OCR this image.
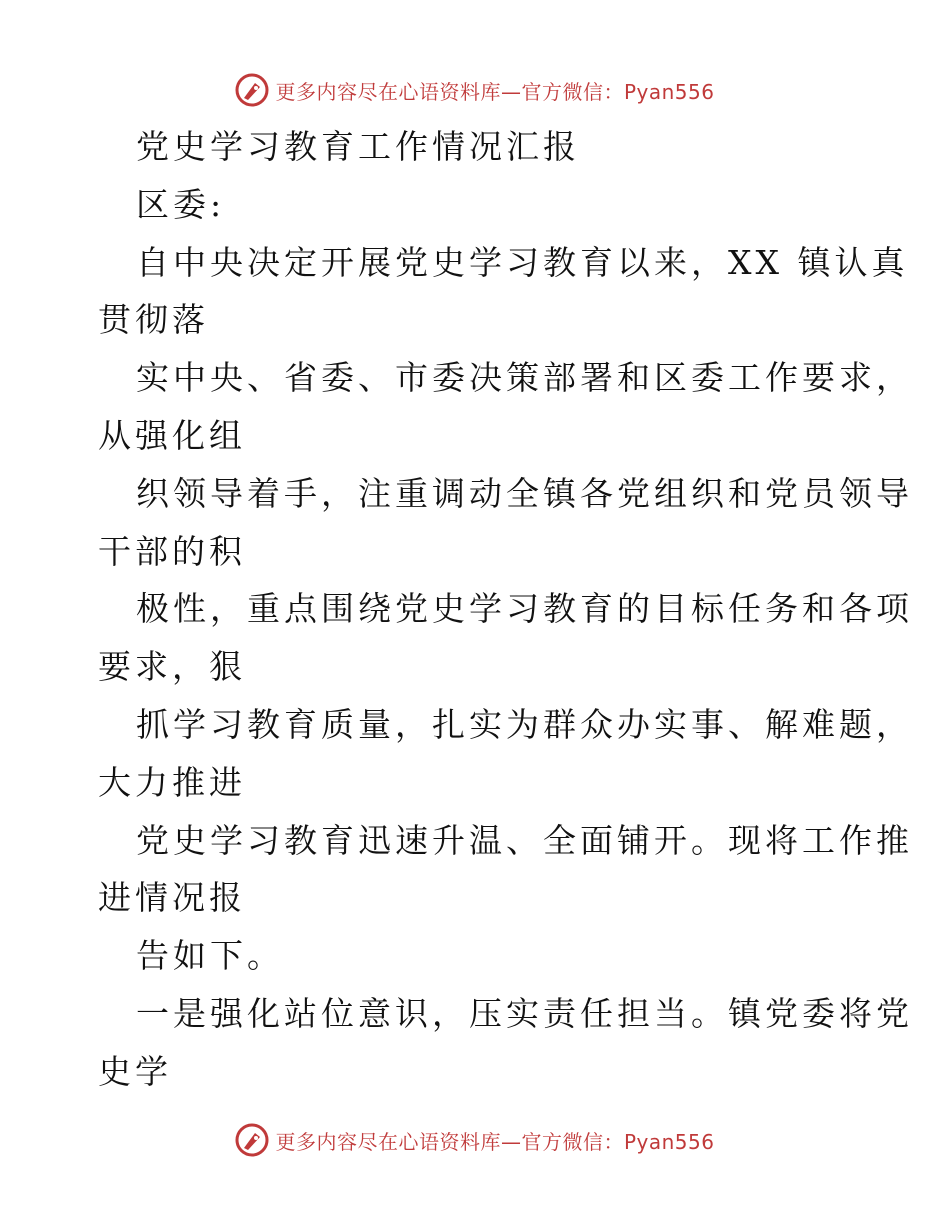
更多内容尽在心语资料库—官方微信：Pyan556
党史学习教育工作情况汇报
区委:
自中央决定开展党史学习教育以来，XX 镇认真
贯彻落
实中央、省委、市委决策部署和区委工作要求，
从强化组
织领导着手，注重调动全镇各党组织和党员领导
干部的积
极性，重点围绕党史学习教育的目标任务和各项
要求，狠
抓学习教育质量，扎实为群众办实事、解难题，
大力推进
党史学习教育迅速升温、全面铺开。现将工作推
进情况报
告如下。
一是强化站位意识，压实责任担当。镇党委将党
史学
更多内容尽在心语资料库—官方微信：Pyan556
